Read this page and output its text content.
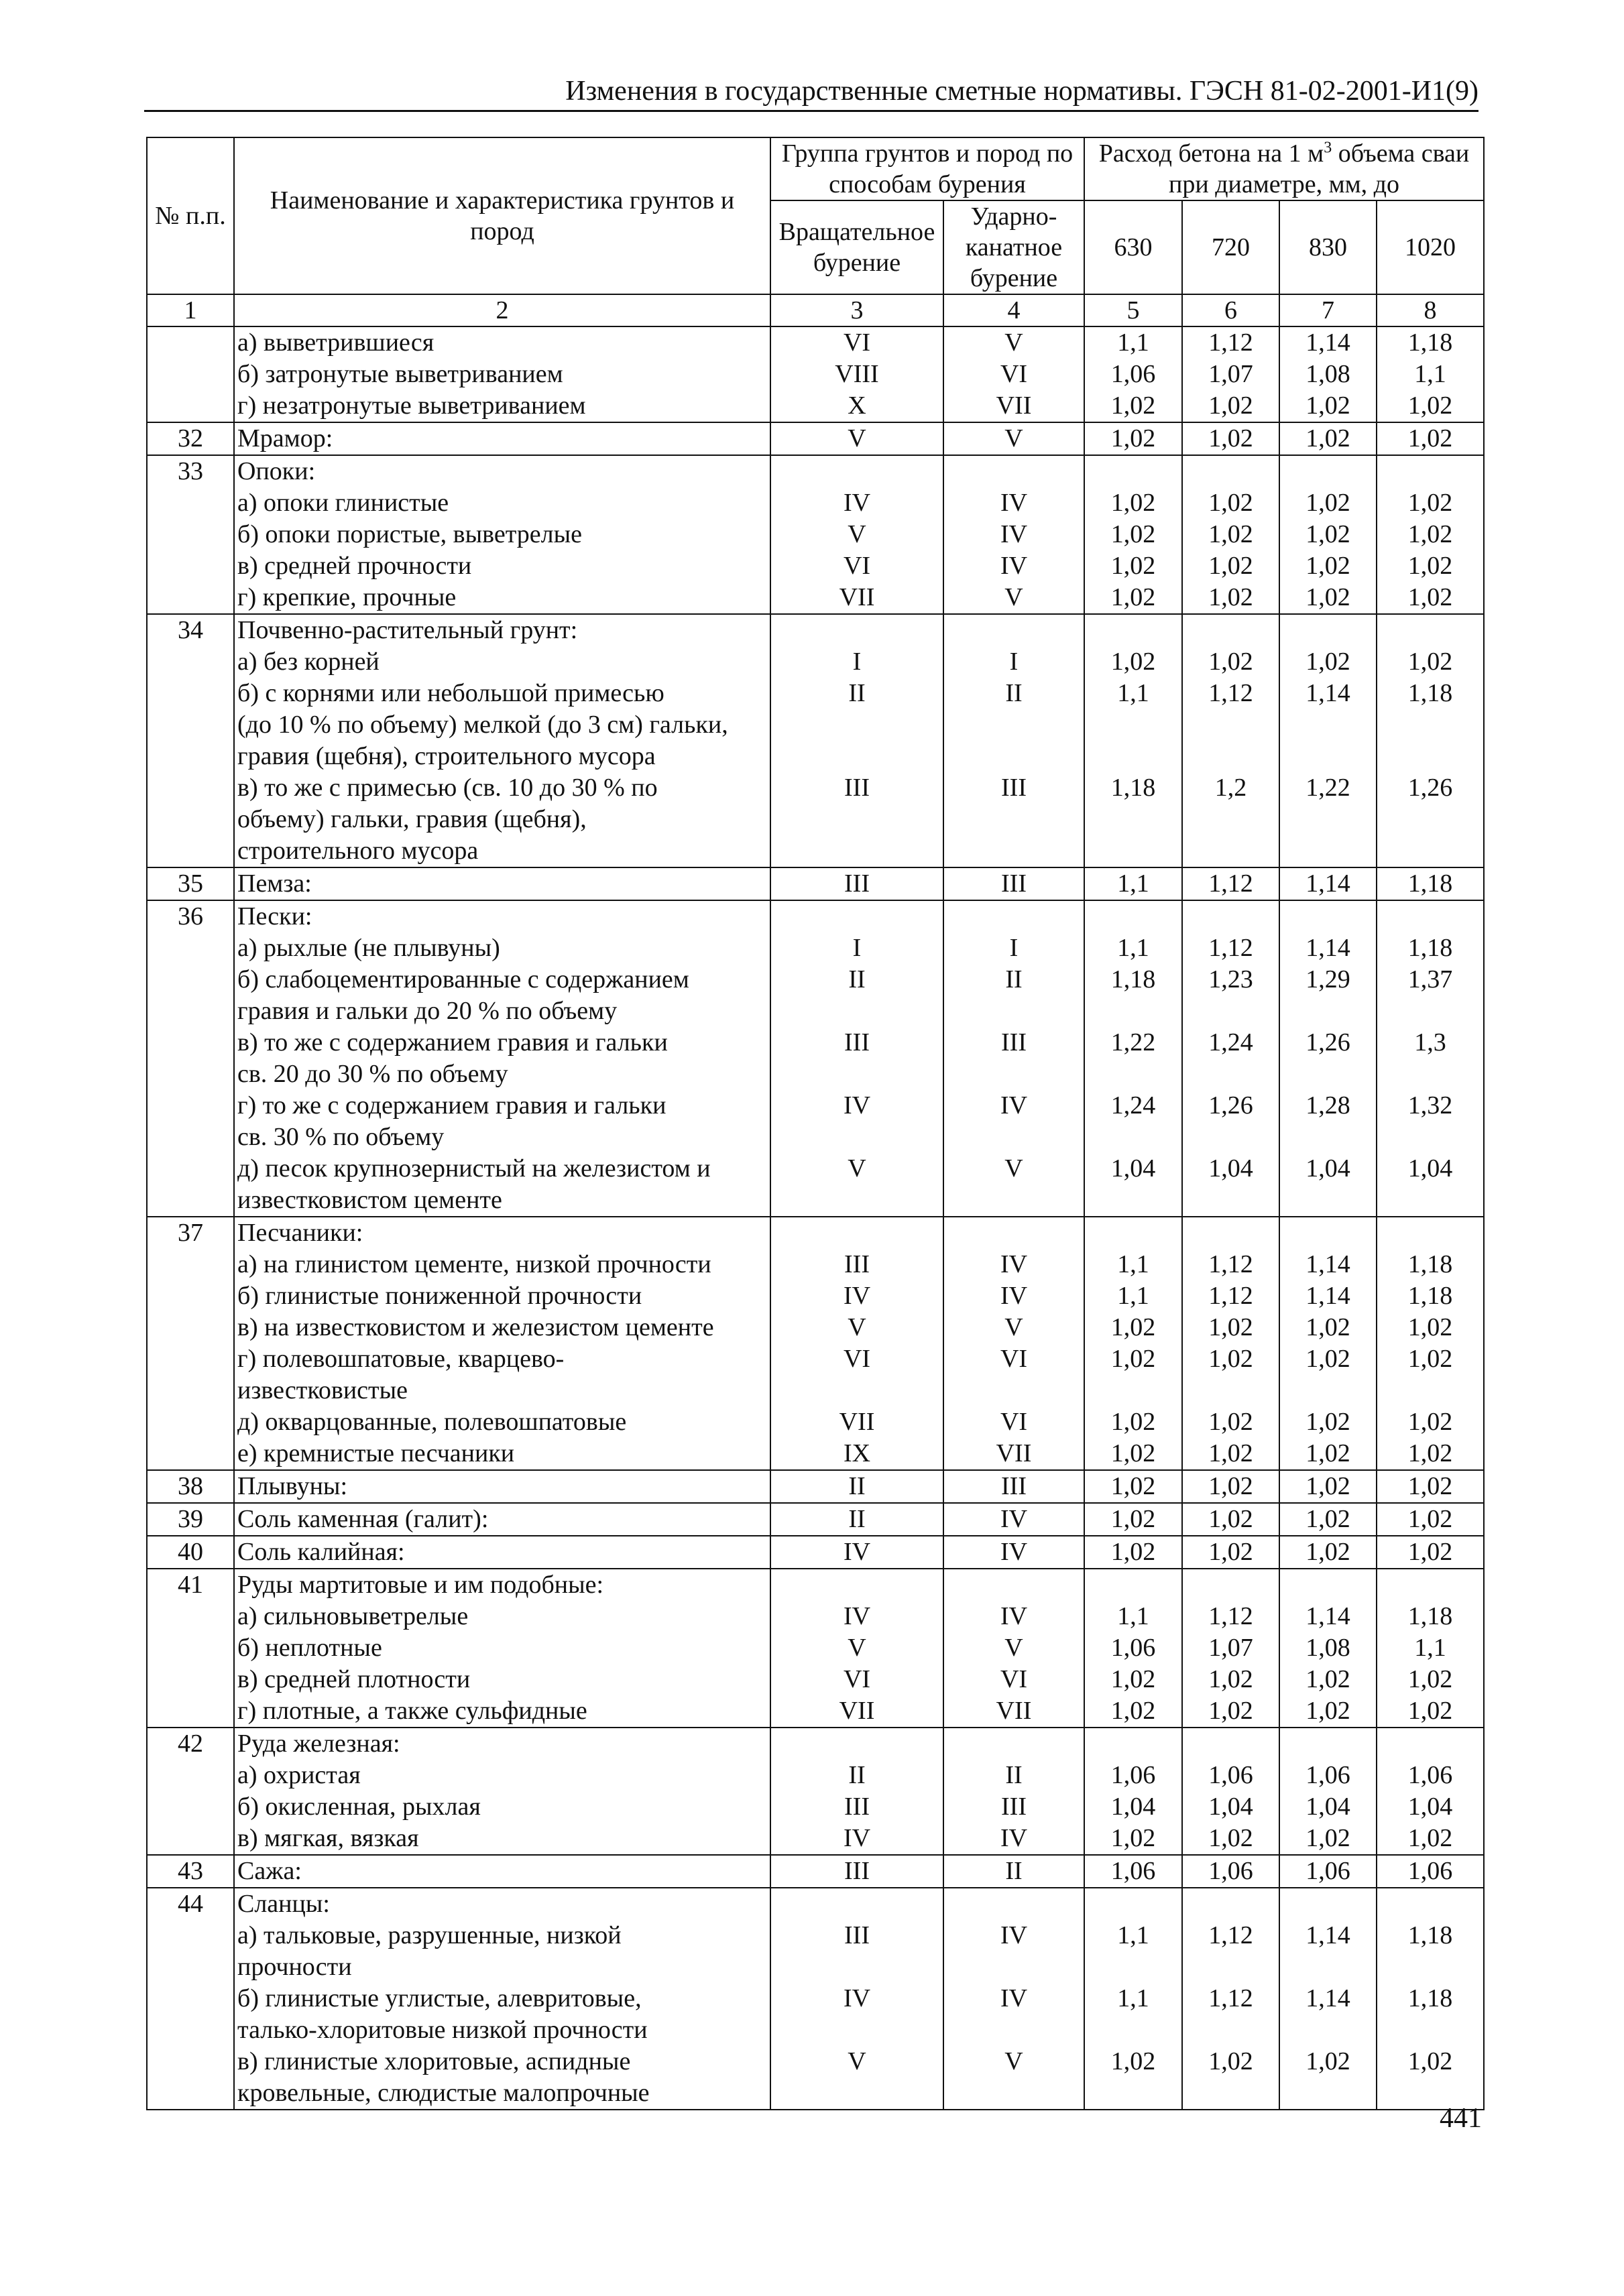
Изменения в государственные сметные нормативы. ГЭСН 81-02-2001-И1(9)
№ п.п.	Наименование и характеристика грунтов и пород	Группа грунтов и пород по способам бурения		Расход бетона на 1 $м^3$ объема сваи при диаметре, мм, до			
		Вращательное бурение	Ударно-канатное бурение	630	720	830	1020
1	2	3	4	5	6	7	8
	а) выветрившиеся	VI	V	1,1	1,12	1,14	1,18
	б) затронутые выветриванием	VIII	VI	1,06	1,07	1,08	1,1
	г) незатронутые выветриванием	X	VII	1,02	1,02	1,02	1,02
32	Мрамор:	V	V	1,02	1,02	1,02	1,02
33	Опоки:						
	а) опоки глинистые	IV	IV	1,02	1,02	1,02	1,02
	б) опоки пористые, выветрелые	V	IV	1,02	1,02	1,02	1,02
	в) средней прочности	VI	IV	1,02	1,02	1,02	1,02
	г) крепкие, прочные	VII	V	1,02	1,02	1,02	1,02
34	Почвенно-растительный грунт:						
	а) без корней	I	I	1,02	1,02	1,02	1,02
	б) с корнями или небольшой примесью	II	II	1,1	1,12	1,14	1,18
	(до 10 % по объему) мелкой (до 3 см) гальки,						
	гравия (щебня), строительного мусора						
	в) то же с примесью (св. 10 до 30 % по	III	III	1,18	1,2	1,22	1,26
	объему) гальки, гравия (щебня),						
	строительного мусора						
35	Пемза:	III	III	1,1	1,12	1,14	1,18
36	Пески:						
	а) рыхлые (не плывуны)	I	I	1,1	1,12	1,14	1,18
	б) слабоцементированные с содержанием	II	II	1,18	1,23	1,29	1,37
	гравия и гальки до 20 % по объему						
	в) то же с содержанием гравия и гальки	III	III	1,22	1,24	1,26	1,3
	св. 20 до 30 % по объему						
	г) то же с содержанием гравия и гальки	IV	IV	1,24	1,26	1,28	1,32
	св. 30 % по объему						
	д) песок крупнозернистый на железистом и	V	V	1,04	1,04	1,04	1,04
	известковистом цементе						
37	Песчаники:						
	а) на глинистом цементе, низкой прочности	III	IV	1,1	1,12	1,14	1,18
	б) глинистые пониженной прочности	IV	IV	1,1	1,12	1,14	1,18
	в) на известковистом и железистом цементе	V	V	1,02	1,02	1,02	1,02
	г) полевошпатовые, кварцево-	VI	VI	1,02	1,02	1,02	1,02
	известковистые						
	д) окварцованные, полевошпатовые	VII	VI	1,02	1,02	1,02	1,02
	е) кремнистые песчаники	IX	VII	1,02	1,02	1,02	1,02
38	Плывуны:	II	III	1,02	1,02	1,02	1,02
39	Соль каменная (галит):	II	IV	1,02	1,02	1,02	1,02
40	Соль калийная:	IV	IV	1,02	1,02	1,02	1,02
41	Руды мартитовые и им подобные:						
	а) сильновыветрелые	IV	IV	1,1	1,12	1,14	1,18
	б) неплотные	V	V	1,06	1,07	1,08	1,1
	в) средней плотности	VI	VI	1,02	1,02	1,02	1,02
	г) плотные, а также сульфидные	VII	VII	1,02	1,02	1,02	1,02
42	Руда железная:						
	а) охристая	II	II	1,06	1,06	1,06	1,06
	б) окисленная, рыхлая	III	III	1,04	1,04	1,04	1,04
	в) мягкая, вязкая	IV	IV	1,02	1,02	1,02	1,02
43	Сажа:	III	II	1,06	1,06	1,06	1,06
44	Сланцы:						
	а) тальковые, разрушенные, низкой	III	IV	1,1	1,12	1,14	1,18
	прочности						
	б) глинистые углистые, алевритовые,	IV	IV	1,1	1,12	1,14	1,18
	талько-хлоритовые низкой прочности						
	в) глинистые хлоритовые, аспидные	V	V	1,02	1,02	1,02	1,02
	кровельные, слюдистые малопрочные						
441
